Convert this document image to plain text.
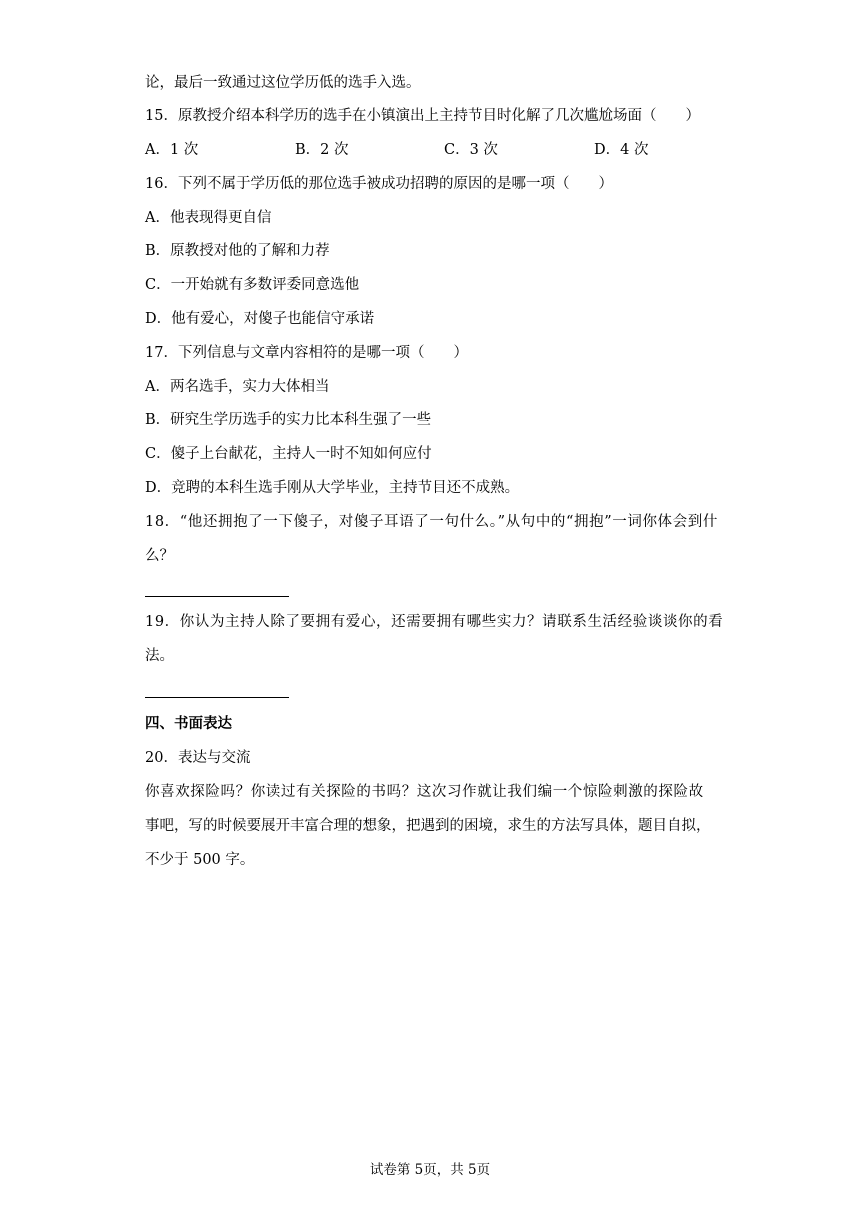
论，最后一致通过这位学历低的选手入选。
15．原教授介绍本科学历的选手在小镇演出上主持节目时化解了几次尴尬场面（　　）
A．1 次	B．2 次	C．3 次	D．4 次
16．下列不属于学历低的那位选手被成功招聘的原因的是哪一项（　　）
A．他表现得更自信
B．原教授对他的了解和力荐
C．一开始就有多数评委同意选他
D．他有爱心，对傻子也能信守承诺
17．下列信息与文章内容相符的是哪一项（　　）
A．两名选手，实力大体相当
B．研究生学历选手的实力比本科生强了一些
C．傻子上台献花，主持人一时不知如何应付
D．竞聘的本科生选手刚从大学毕业，主持节目还不成熟。
18．“他还拥抱了一下傻子，对傻子耳语了一句什么。”从句中的“拥抱”一词你体会到什
么？
19．你认为主持人除了要拥有爱心，还需要拥有哪些实力？请联系生活经验谈谈你的看
法。
四、书面表达
20．表达与交流
你喜欢探险吗？你读过有关探险的书吗？这次习作就让我们编一个惊险刺激的探险故
事吧，写的时候要展开丰富合理的想象，把遇到的困境，求生的方法写具体，题目自拟，
不少于 500 字。
试卷第 5页，共 5页
